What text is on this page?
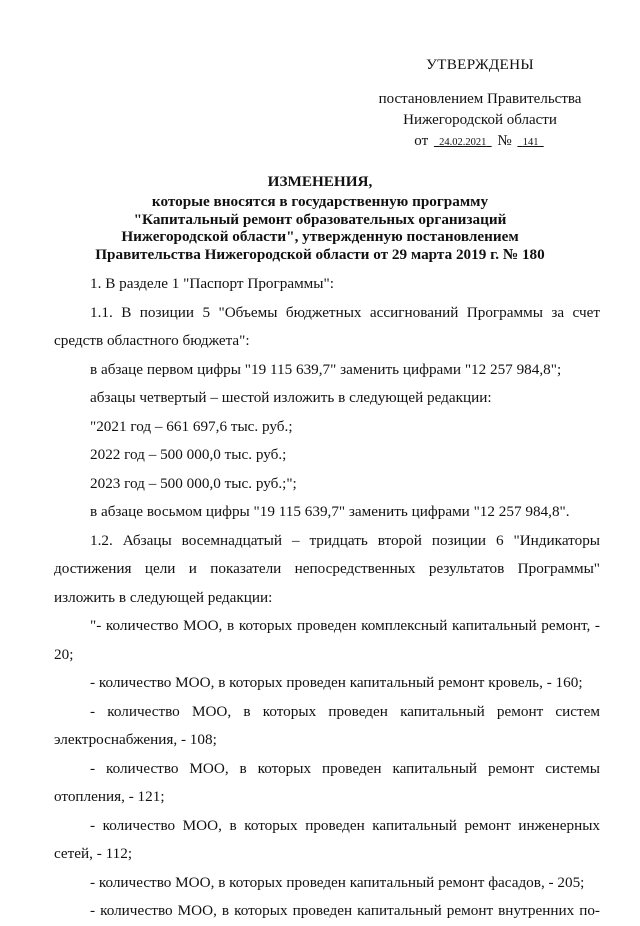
УТВЕРЖДЕНЫ
постановлением Правительства
Нижегородской области
от 24.02.2021 № 141
ИЗМЕНЕНИЯ,
которые вносятся в государственную программу
"Капитальный ремонт образовательных организаций
Нижегородской области", утвержденную постановлением
Правительства Нижегородской области от 29 марта 2019 г. № 180
1. В разделе 1 "Паспорт Программы":
1.1. В позиции 5 "Объемы бюджетных ассигнований Программы за счет средств областного бюджета":
в абзаце первом цифры "19 115 639,7" заменить цифрами "12 257 984,8";
абзацы четвертый – шестой изложить в следующей редакции:
"2021 год – 661 697,6 тыс. руб.;
2022 год – 500 000,0 тыс. руб.;
2023 год – 500 000,0 тыс. руб.;";
в абзаце восьмом цифры "19 115 639,7" заменить цифрами "12 257 984,8".
1.2. Абзацы восемнадцатый – тридцать второй позиции 6 "Индикаторы достижения цели и показатели непосредственных результатов Программы" изложить в следующей редакции:
"- количество МОО, в которых проведен комплексный капитальный ремонт, - 20;
- количество МОО, в которых проведен капитальный ремонт кровель, - 160;
- количество МОО, в которых проведен капитальный ремонт систем электроснабжения, - 108;
- количество МОО, в которых проведен капитальный ремонт системы отопления, - 121;
- количество МОО, в которых проведен капитальный ремонт инженерных сетей, - 112;
- количество МОО, в которых проведен капитальный ремонт фасадов, - 205;
- количество МОО, в которых проведен капитальный ремонт внутренних по-
